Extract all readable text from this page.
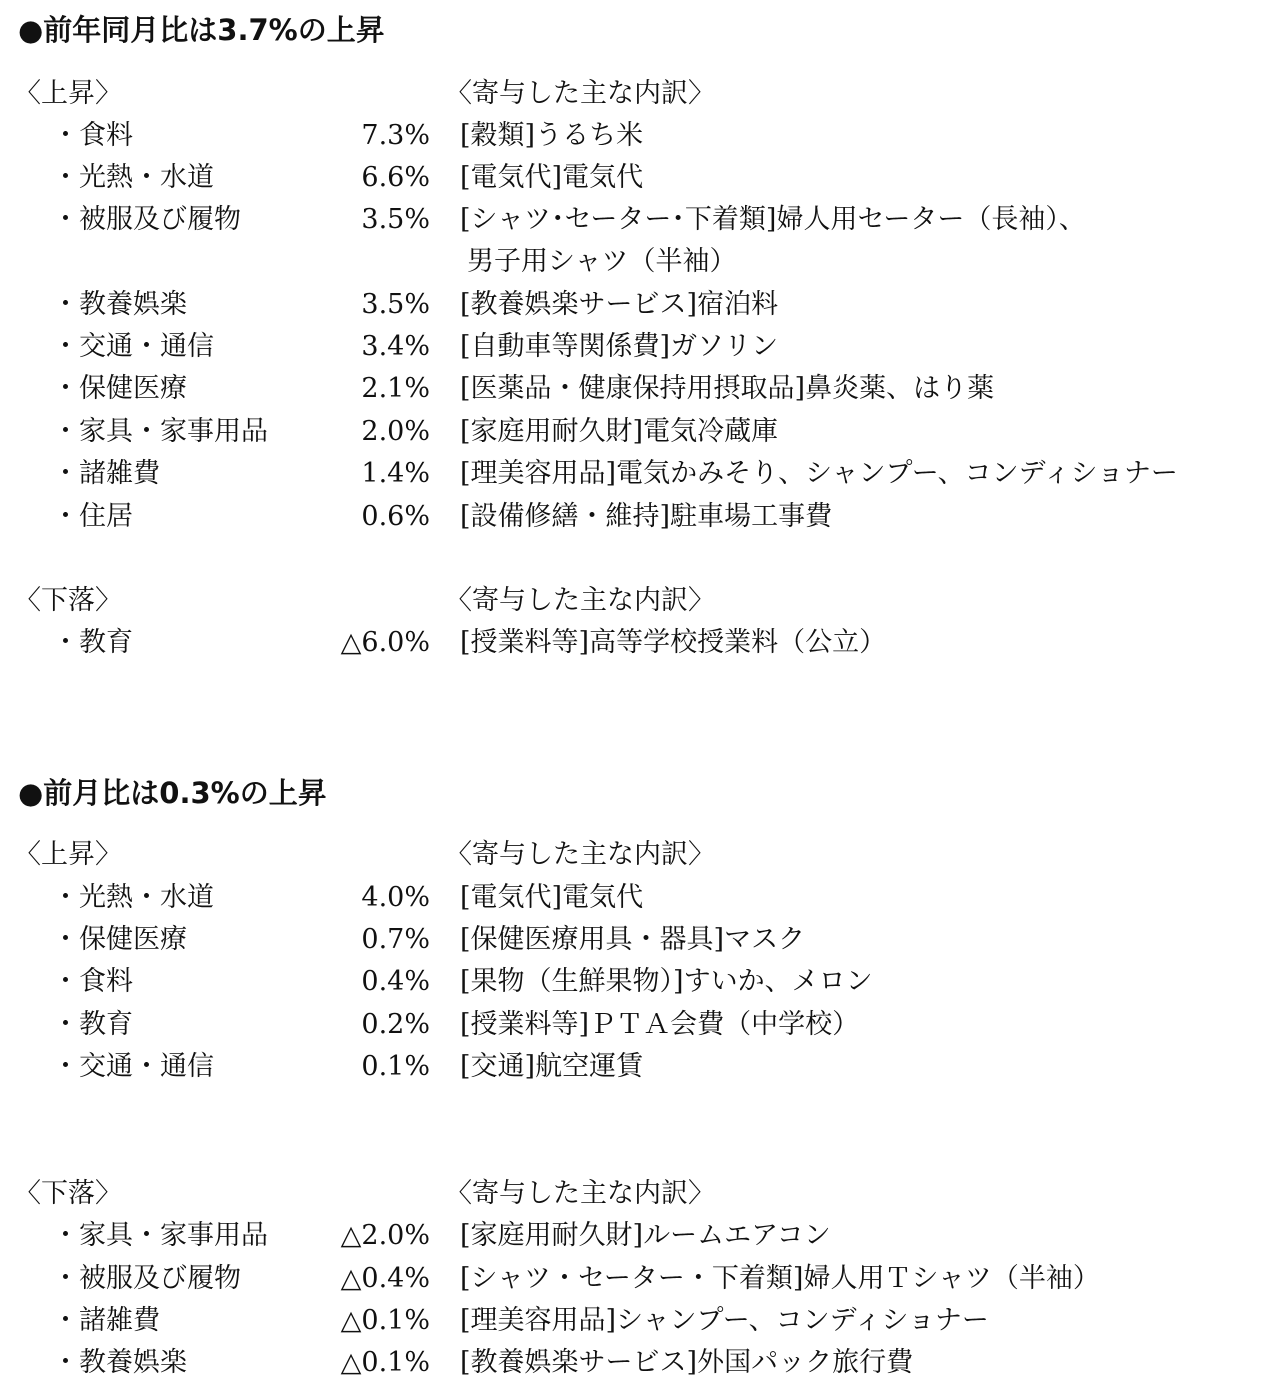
●前年同月比は3.7%の上昇
〈上昇〉	〈寄与した主な内訳〉
・食料	7.3% [穀類]うるち米
・光熱・水道	6.6% [電気代]電気代
・被服及び履物	3.5% [シャツ･セーター･下着類]婦人用セーター（長袖）、
男子用シャツ（半袖）
・教養娯楽	3.5% [教養娯楽サービス]宿泊料
・交通・通信	3.4% [自動車等関係費]ガソリン
・保健医療	2.1% [医薬品・健康保持用摂取品]鼻炎薬、はり薬
・家具・家事用品	2.0% [家庭用耐久財]電気冷蔵庫
・諸雑費	1.4% [理美容用品]電気かみそり、シャンプー、コンディショナー
・住居	0.6% [設備修繕・維持]駐車場工事費
〈下落〉	〈寄与した主な内訳〉
・教育	△6.0% [授業料等]高等学校授業料（公立）
●前月比は0.3%の上昇
〈上昇〉	〈寄与した主な内訳〉
・光熱・水道	4.0% [電気代]電気代
・保健医療	0.7% [保健医療用具・器具]マスク
・食料	0.4% [果物（生鮮果物）]すいか、メロン
・教育	0.2% [授業料等]ＰＴＡ会費（中学校）
・交通・通信	0.1% [交通]航空運賃
〈下落〉	〈寄与した主な内訳〉
・家具・家事用品	△2.0% [家庭用耐久財]ルームエアコン
・被服及び履物	△0.4% [シャツ・セーター・下着類]婦人用Ｔシャツ（半袖）
・諸雑費	△0.1% [理美容用品]シャンプー、コンディショナー
・教養娯楽	△0.1% [教養娯楽サービス]外国パック旅行費
